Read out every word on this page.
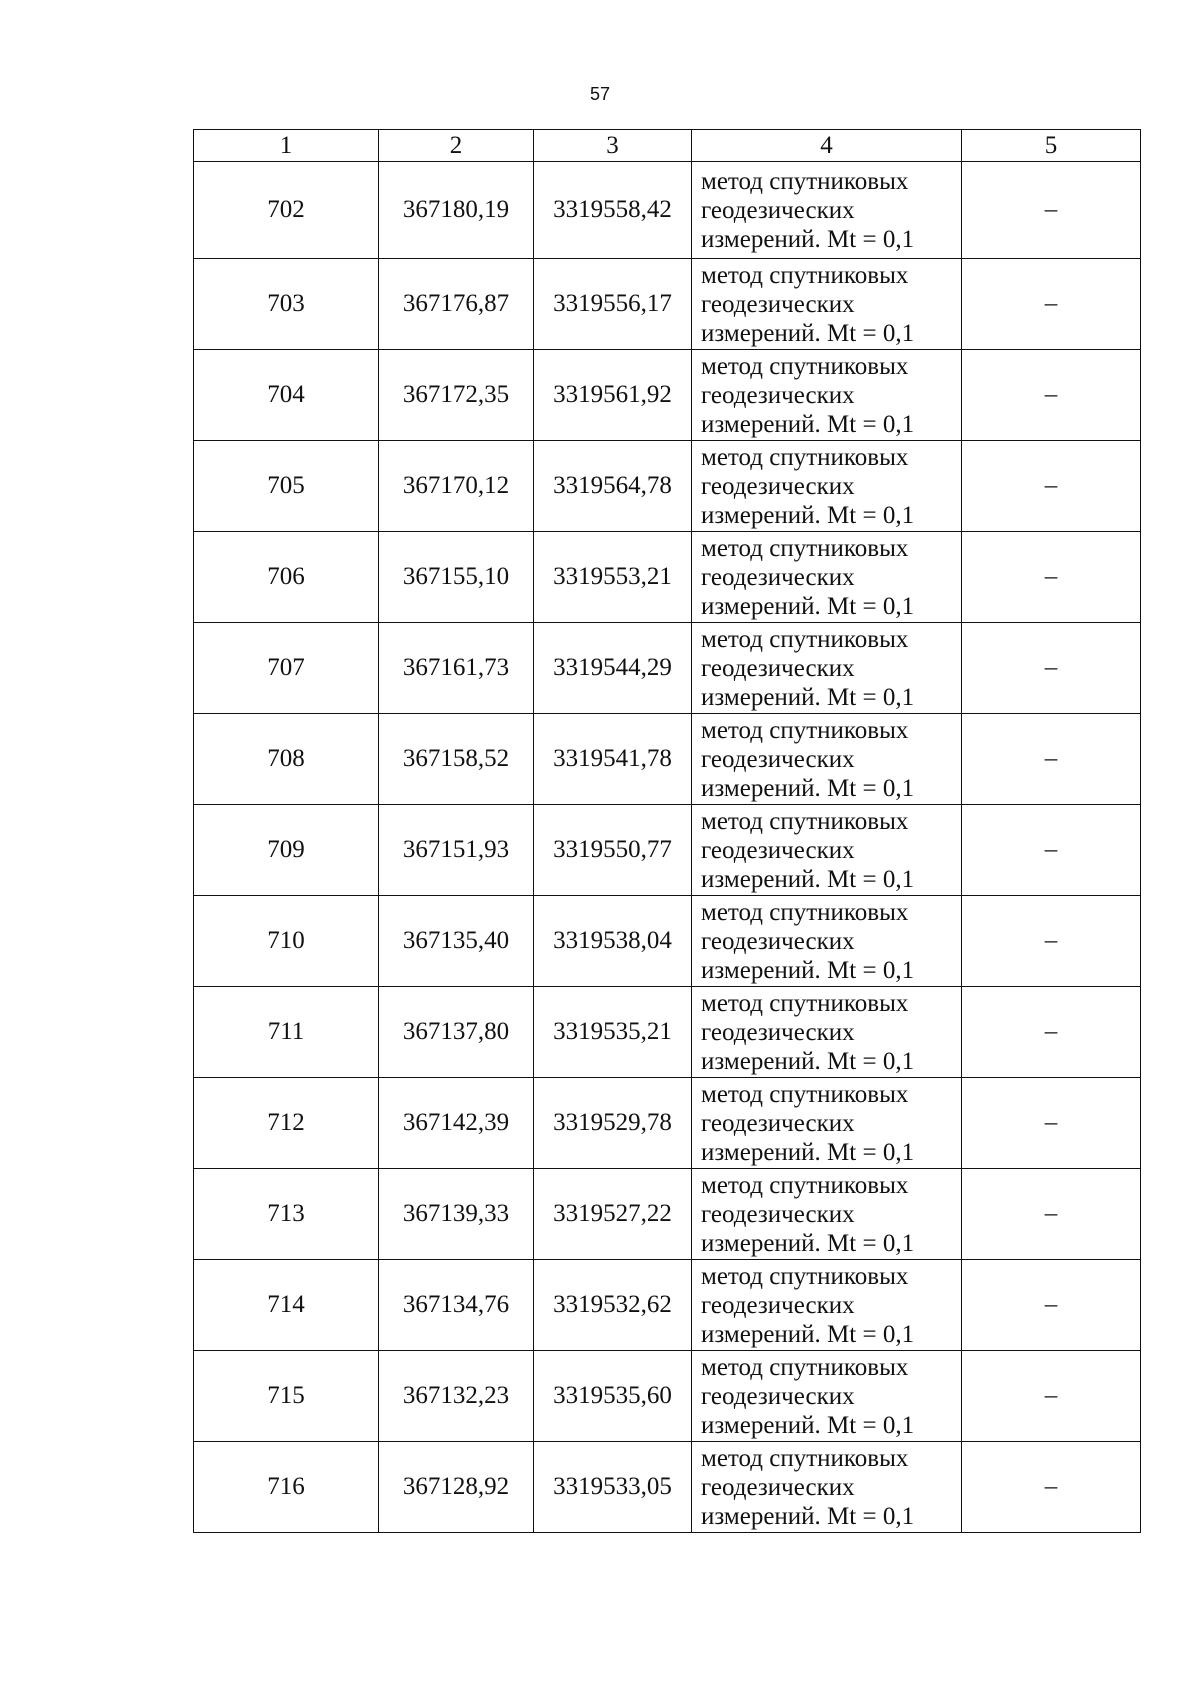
57
1	2	3	4	5
702	367180,19	3319558,42	метод спутниковых
геодезических
измерений. Mt = 0,1	–
703	367176,87	3319556,17	метод спутниковых
геодезических
измерений. Mt = 0,1	–
704	367172,35	3319561,92	метод спутниковых
геодезических
измерений. Mt = 0,1	–
705	367170,12	3319564,78	метод спутниковых
геодезических
измерений. Mt = 0,1	–
706	367155,10	3319553,21	метод спутниковых
геодезических
измерений. Mt = 0,1	–
707	367161,73	3319544,29	метод спутниковых
геодезических
измерений. Mt = 0,1	–
708	367158,52	3319541,78	метод спутниковых
геодезических
измерений. Mt = 0,1	–
709	367151,93	3319550,77	метод спутниковых
геодезических
измерений. Mt = 0,1	–
710	367135,40	3319538,04	метод спутниковых
геодезических
измерений. Mt = 0,1	–
711	367137,80	3319535,21	метод спутниковых
геодезических
измерений. Mt = 0,1	–
712	367142,39	3319529,78	метод спутниковых
геодезических
измерений. Mt = 0,1	–
713	367139,33	3319527,22	метод спутниковых
геодезических
измерений. Mt = 0,1	–
714	367134,76	3319532,62	метод спутниковых
геодезических
измерений. Mt = 0,1	–
715	367132,23	3319535,60	метод спутниковых
геодезических
измерений. Mt = 0,1	–
716	367128,92	3319533,05	метод спутниковых
геодезических
измерений. Mt = 0,1	–
